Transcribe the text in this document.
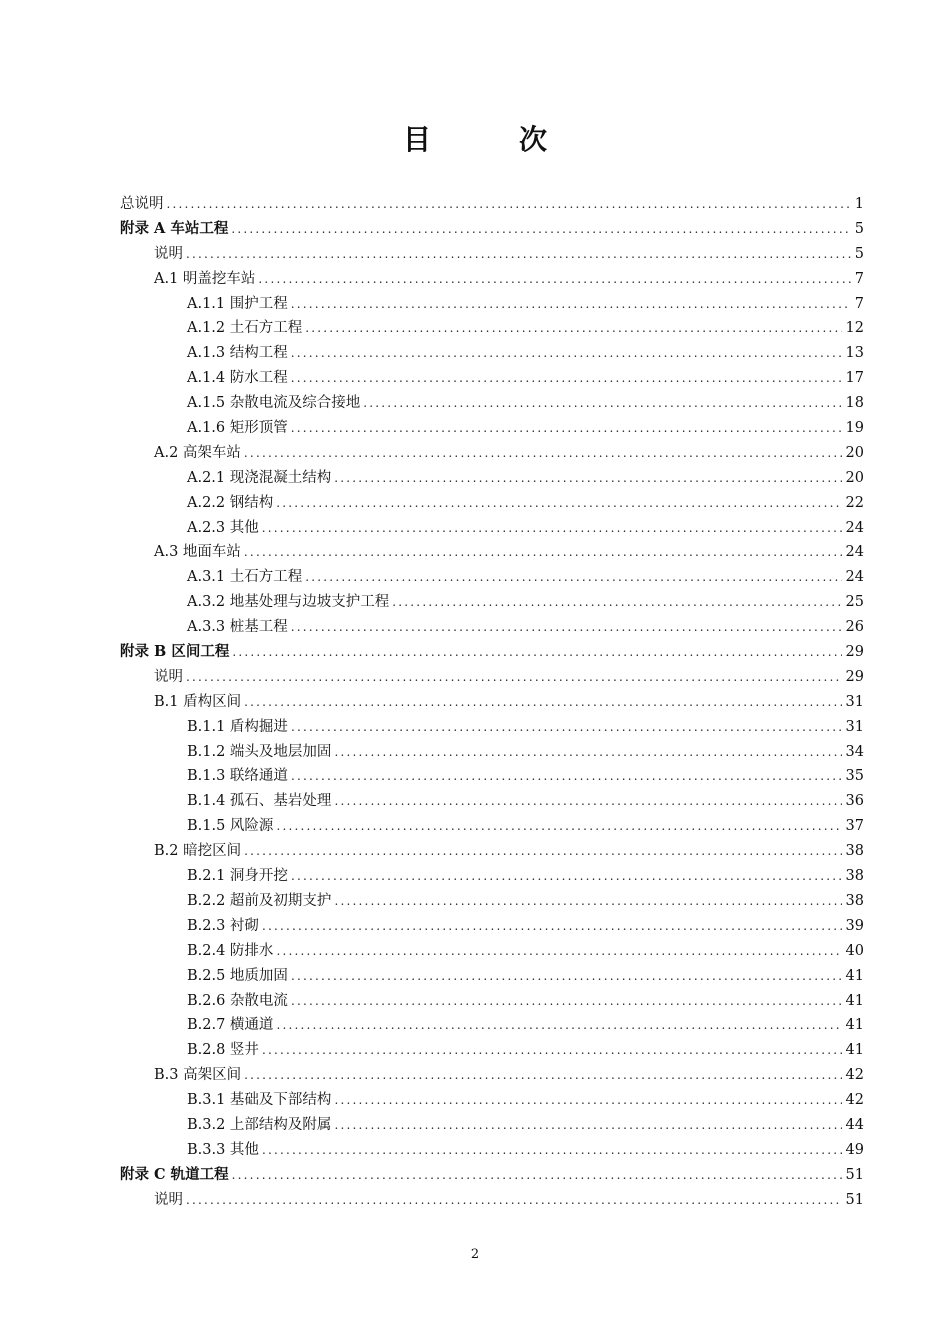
目　次
总说明 .....	1
附录 A 车站工程 .....	5
说明 .....	5
A.1 明盖挖车站 .....	7
A.1.1 围护工程 .....	7
A.1.2 土石方工程 .....	12
A.1.3 结构工程 .....	13
A.1.4 防水工程 .....	17
A.1.5 杂散电流及综合接地 .....	18
A.1.6 矩形顶管 .....	19
A.2 高架车站 .....	20
A.2.1 现浇混凝土结构 .....	20
A.2.2 钢结构 .....	22
A.2.3 其他 .....	24
A.3 地面车站 .....	24
A.3.1 土石方工程 .....	24
A.3.2 地基处理与边坡支护工程 .....	25
A.3.3 桩基工程 .....	26
附录 B 区间工程 .....	29
说明 .....	29
B.1 盾构区间 .....	31
B.1.1 盾构掘进 .....	31
B.1.2 端头及地层加固 .....	34
B.1.3 联络通道 .....	35
B.1.4 孤石、基岩处理 .....	36
B.1.5 风险源 .....	37
B.2 暗挖区间 .....	38
B.2.1 洞身开挖 .....	38
B.2.2 超前及初期支护 .....	38
B.2.3 衬砌 .....	39
B.2.4 防排水 .....	40
B.2.5 地质加固 .....	41
B.2.6 杂散电流 .....	41
B.2.7 横通道 .....	41
B.2.8 竖井 .....	41
B.3 高架区间 .....	42
B.3.1 基础及下部结构 .....	42
B.3.2 上部结构及附属 .....	44
B.3.3 其他 .....	49
附录 C 轨道工程 .....	51
说明 .....	51
2
